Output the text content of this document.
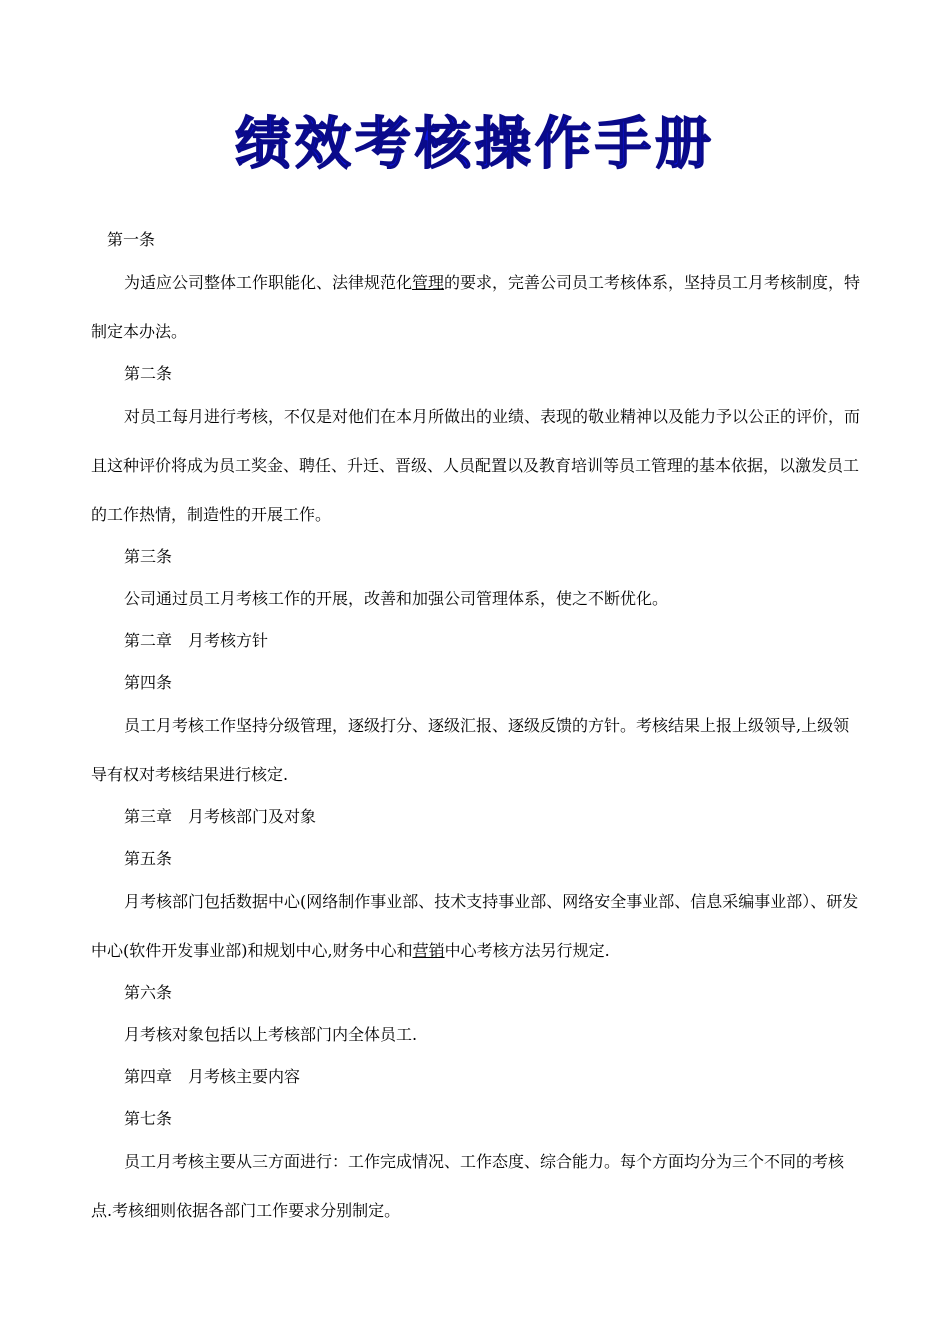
绩效考核操作手册

第一条

为适应公司整体工作职能化、法律规范化管理的要求，完善公司员工考核体系，坚持员工月考核制度，特制定本办法。

第二条

对员工每月进行考核，不仅是对他们在本月所做出的业绩、表现的敬业精神以及能力予以公正的评价，而且这种评价将成为员工奖金、聘任、升迁、晋级、人员配置以及教育培训等员工管理的基本依据，以激发员工的工作热情，制造性的开展工作。

第三条

公司通过员工月考核工作的开展，改善和加强公司管理体系，使之不断优化。

第二章　月考核方针

第四条

员工月考核工作坚持分级管理，逐级打分、逐级汇报、逐级反馈的方针。考核结果上报上级领导,上级领导有权对考核结果进行核定.

第三章　月考核部门及对象

第五条

月考核部门包括数据中心(网络制作事业部、技术支持事业部、网络安全事业部、信息采编事业部）、研发中心(软件开发事业部)和规划中心,财务中心和营销中心考核方法另行规定.

第六条

月考核对象包括以上考核部门内全体员工.

第四章　月考核主要内容

第七条

员工月考核主要从三方面进行：工作完成情况、工作态度、综合能力。每个方面均分为三个不同的考核点.考核细则依据各部门工作要求分别制定。
